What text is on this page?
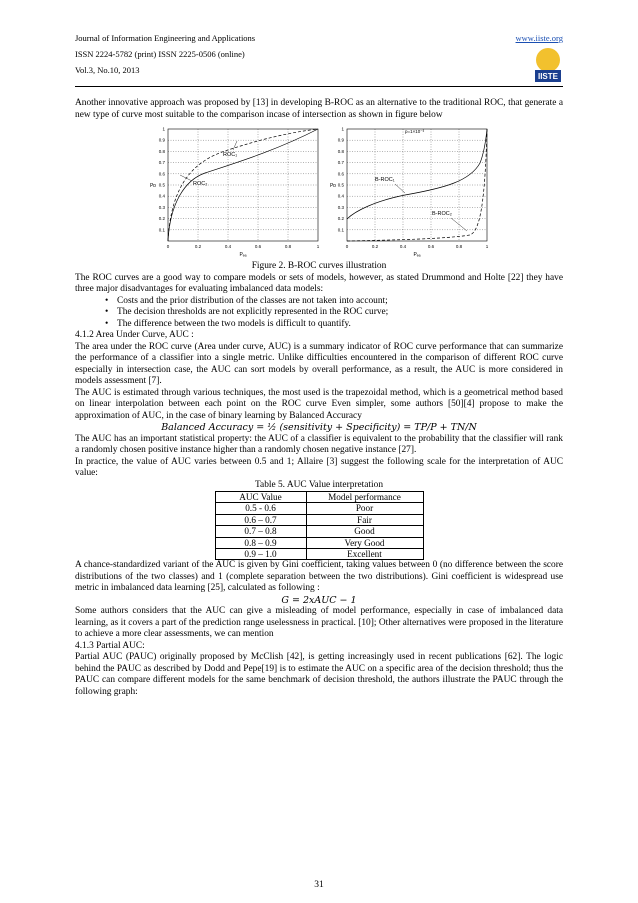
Journal of Information Engineering and Applications
ISSN 2224-5782 (print) ISSN 2225-0506 (online)
Vol.3, No.10, 2013
www.iiste.org
IISTE

Another innovative approach was proposed by [13] in developing B-ROC as an alternative to the traditional ROC, that generate a new type of curve most suitable to the comparison incase of intersection as shown in figure below

ROC₁
ROC₂
0	0.2	0.4	0.6	0.8	1
0.1
0.2
0.3
0.4
0.5
0.6
0.7
0.8
0.9
1
Pₑₐ
Pᴅ
B-ROC₁
B-ROC₂
p=1×10⁻³
0	0.2	0.4	0.6	0.8	1
0.1
0.2
0.3
0.4
0.5
0.6
0.7
0.8
0.9
1
Pₑₐ
Pᴅ

Figure 2. B-ROC curves illustration

The ROC curves are a good way to compare models or sets of models, however, as stated Drummond and Holte [22] they have three major disadvantages for evaluating imbalanced data models:

• Costs and the prior distribution of the classes are not taken into account;
• The decision thresholds are not explicitly represented in the ROC curve;
• The difference between the two models is difficult to quantify.

4.1.2 Area Under Curve, AUC :

The area under the ROC curve (Area under curve, AUC) is a summary indicator of ROC curve performance that can summarize the performance of a classifier into a single metric. Unlike difficulties encountered in the comparison of different ROC curve especially in intersection case, the AUC can sort models by overall performance, as a result, the AUC is more considered in models assessment [7].

The AUC is estimated through various techniques, the most used is the trapezoidal method, which is a geometrical method based on linear interpolation between each point on the ROC curve Even simpler, some authors [50][4] propose to make the approximation of AUC, in the case of binary learning by Balanced Accuracy

Balanced Accuracy = ½ (sensitivity + Specificity) = TP/P + TN/N

The AUC has an important statistical property: the AUC of a classifier is equivalent to the probability that the classifier will rank a randomly chosen positive instance higher than a randomly chosen negative instance [27].

In practice, the value of AUC varies between 0.5 and 1; Allaire [3] suggest the following scale for the interpretation of AUC value:

Table 5. AUC Value interpretation

AUC Value	Model performance
0.5 - 0.6	Poor
0.6 – 0.7	Fair
0.7 – 0.8	Good
0.8 – 0.9	Very Good
0.9 – 1.0	Excellent

A chance-standardized variant of the AUC is given by Gini coefficient, taking values between 0 (no difference between the score distributions of the two classes) and 1 (complete separation between the two distributions). Gini coefficient is widespread use metric in imbalanced data learning [25], calculated as following :

G = 2xAUC − 1

Some authors considers that the AUC can give a misleading of model performance, especially in case of imbalanced data learning, as it covers a part of the prediction range uselessness in practical. [10]; Other alternatives were proposed in the literature to achieve a more clear assessments, we can mention

4.1.3 Partial AUC:

Partial AUC (PAUC) originally proposed by McClish [42], is getting increasingly used in recent publications [62]. The logic behind the PAUC as described by Dodd and Pepe[19] is to estimate the AUC on a specific area of the decision threshold; thus the PAUC can compare different models for the same benchmark of decision threshold, the authors illustrate the PAUC through the following graph:

31
